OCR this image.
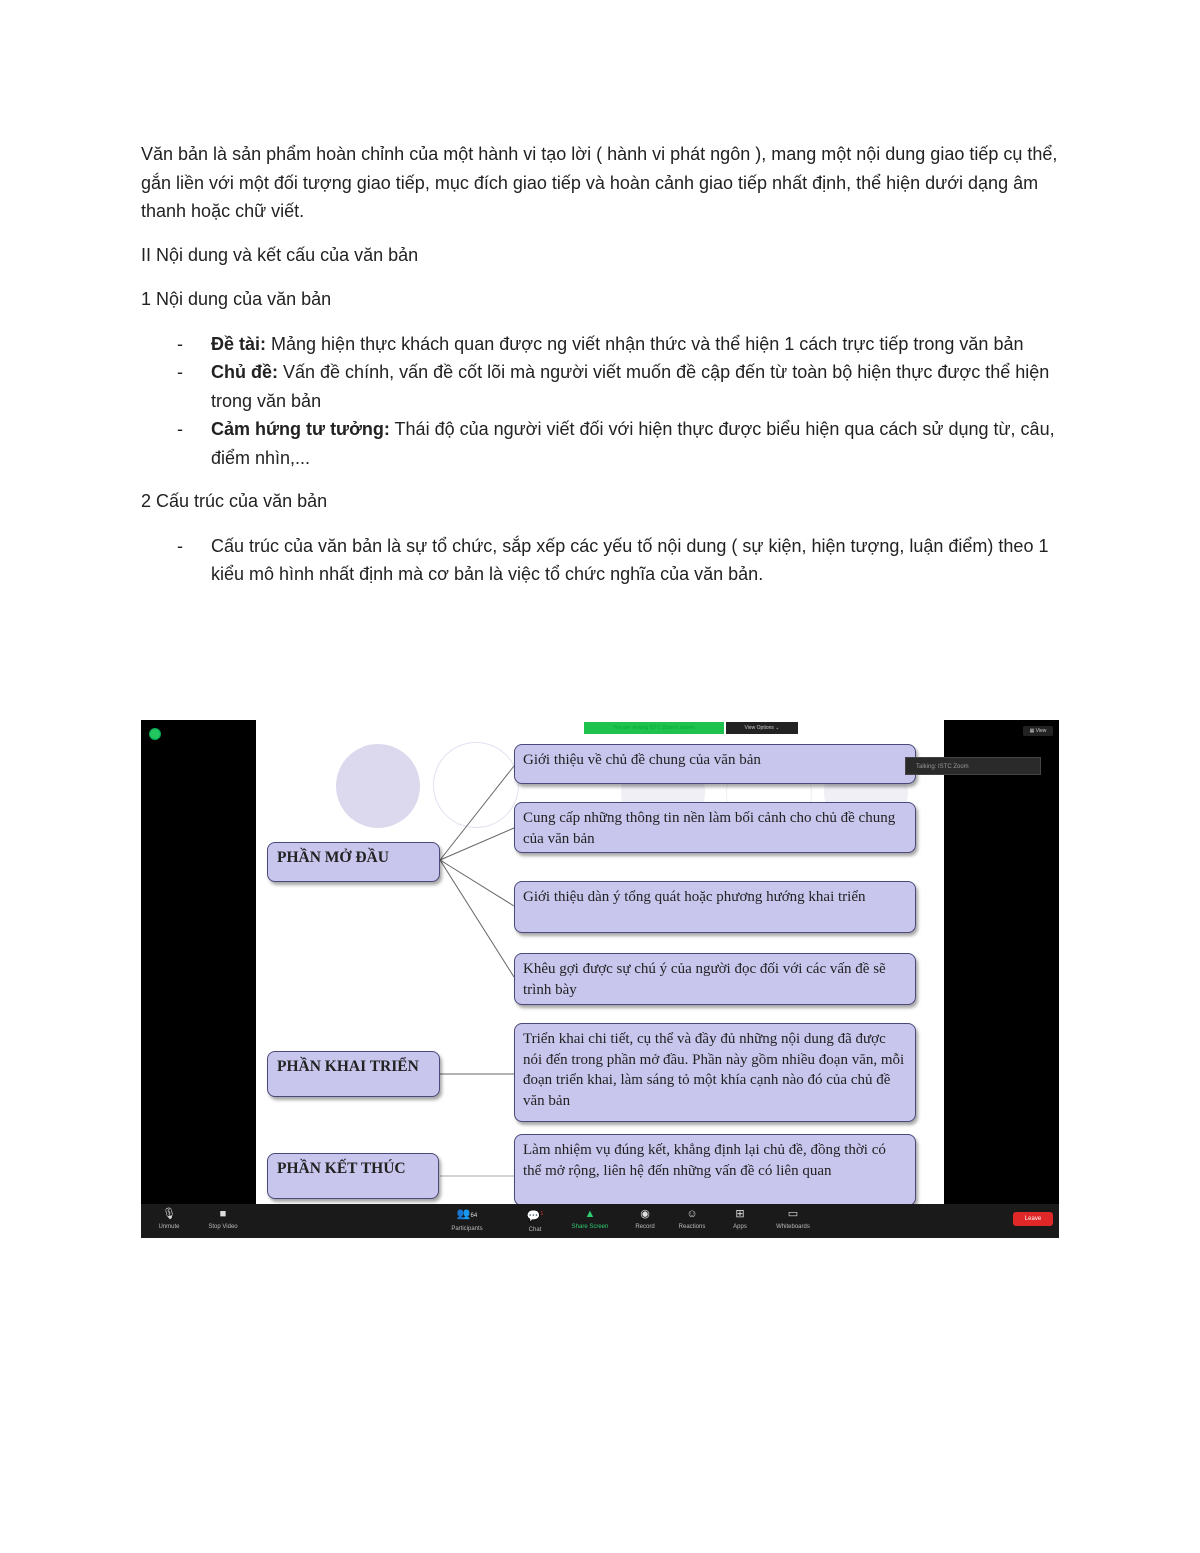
Văn bản là sản phẩm hoàn chỉnh của một hành vi tạo lời ( hành vi phát ngôn ), mang một nội dung giao tiếp cụ thể, gắn liền với một đối tượng giao tiếp, mục đích giao tiếp và hoàn cảnh giao tiếp nhất định, thể hiện dưới dạng âm thanh hoặc chữ viết.

II Nội dung và kết cấu của văn bản

1 Nội dung của văn bản

- Đề tài: Mảng hiện thực khách quan được ng viết nhận thức và thể hiện 1 cách trực tiếp trong văn bản
- Chủ đề: Vấn đề chính, vấn đề cốt lõi mà người viết muốn đề cập đến từ toàn bộ hiện thực được thể hiện trong văn bản
- Cảm hứng tư tưởng: Thái độ của người viết đối với hiện thực được biểu hiện qua cách sử dụng từ, câu, điểm nhìn,...

2 Cấu trúc của văn bản

- Cấu trúc của văn bản là sự tổ chức, sắp xếp các yếu tố nội dung ( sự kiện, hiện tượng, luận điểm) theo 1 kiểu mô hình nhất định mà cơ bản là việc tổ chức nghĩa của văn bản.
▦ View
You are viewing ISTC Zoom's screen	View Options ⌄
PHẦN MỞ ĐẦU
PHẦN KHAI TRIỂN
PHẦN KẾT THÚC
Giới thiệu về chủ đề chung của văn bản
Cung cấp những thông tin nền làm bối cảnh cho chủ đề chung của văn bản
Giới thiệu dàn ý tổng quát hoặc phương hướng khai triển
Khêu gợi được sự chú ý của người đọc đối với các vấn đề sẽ trình bày
Triển khai chi tiết, cụ thể và đầy đủ những nội dung đã được nói đến trong phần mở đầu. Phần này gồm nhiều đoạn văn, mỗi đoạn triển khai, làm sáng tỏ một khía cạnh nào đó của chủ đề văn bản
Làm nhiệm vụ đúng kết, khẳng định lại chủ đề, đồng thời có thể mở rộng, liên hệ đến những vấn đề có liên quan
Talking: ISTC Zoom
🎙
Unmute
■
Stop Video
👥64
Participants
💬$^1$
Chat
▲
Share Screen
◉
Record
☺
Reactions
⊞
Apps
▭
Whiteboards
Leave
